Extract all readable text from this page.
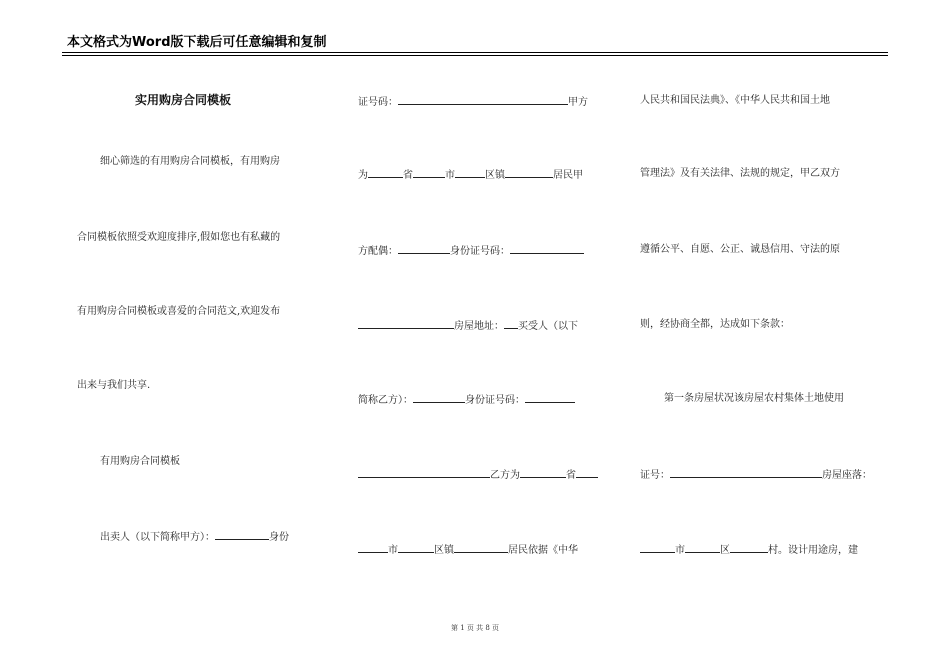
本文格式为Word版下载后可任意编辑和复制
实用购房合同模板
细心筛选的有用购房合同模板，有用购房
合同模板依照受欢迎度排序,假如您也有私藏的
有用购房合同模板或喜爱的合同范文,欢迎发布
出来与我们共享.
有用购房合同模板
出卖人（以下简称甲方）：	身份
证号码：	甲方
为	省	市	区镇	居民甲
方配偶：	身份证号码：
房屋地址： 买受人（以下
简称乙方）：	身份证号码：
乙方为	省
市	区镇	居民依据《中华
人民共和国民法典》、《中华人民共和国土地
管理法》及有关法律、法规的规定，甲乙双方
遵循公平、自愿、公正、诚恳信用、守法的原
则，经协商全都，达成如下条款：
第一条房屋状况该房屋农村集体土地使用
证号：	房屋座落：
市	区	村。设计用途房，建
第 1 页 共 8 页
